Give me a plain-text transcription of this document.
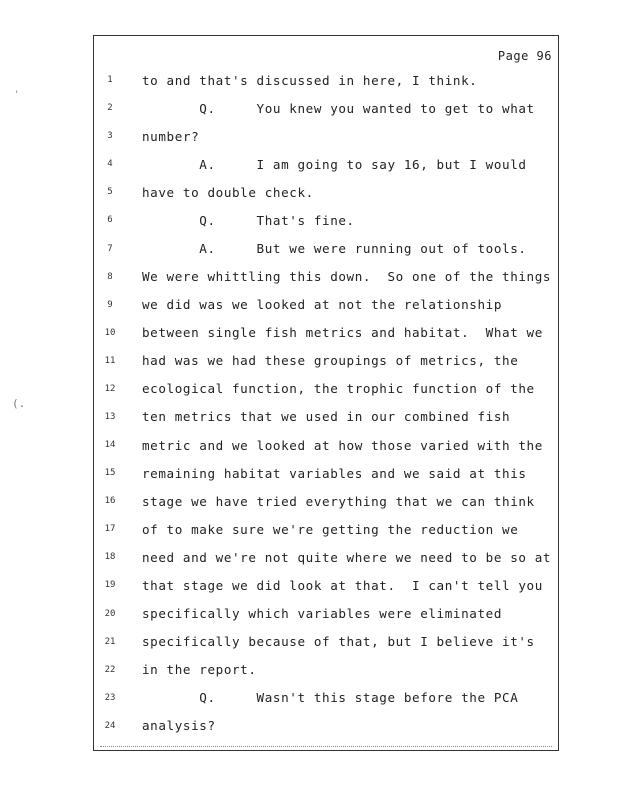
'
(.
Page 96
1	to and that's discussed in here, I think.
2	Q.     You knew you wanted to get to what
3	number?
4	A.     I am going to say 16, but I would
5	have to double check.
6	Q.     That's fine.
7	A.     But we were running out of tools.
8	We were whittling this down.  So one of the things
9	we did was we looked at not the relationship
10	between single fish metrics and habitat.  What we
11	had was we had these groupings of metrics, the
12	ecological function, the trophic function of the
13	ten metrics that we used in our combined fish
14	metric and we looked at how those varied with the
15	remaining habitat variables and we said at this
16	stage we have tried everything that we can think
17	of to make sure we're getting the reduction we
18	need and we're not quite where we need to be so at
19	that stage we did look at that.  I can't tell you
20	specifically which variables were eliminated
21	specifically because of that, but I believe it's
22	in the report.
23	Q.     Wasn't this stage before the PCA
24	analysis?
